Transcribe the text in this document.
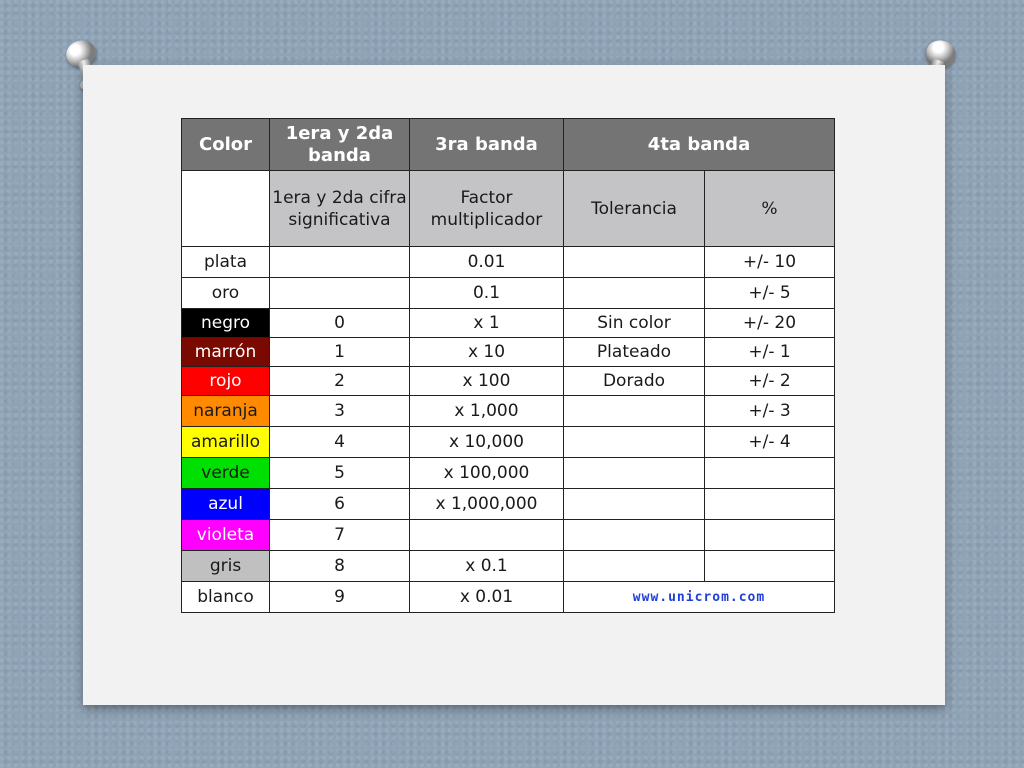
Color	1era y 2da banda	3ra banda	4ta banda	
	1era y 2da cifra significativa	Factor multiplicador	Tolerancia	%
plata		0.01		+/- 10
oro		0.1		+/- 5
negro	0	x 1	Sin color	+/- 20
marrón	1	x 10	Plateado	+/- 1
rojo	2	x 100	Dorado	+/- 2
naranja	3	x 1,000		+/- 3
amarillo	4	x 10,000		+/- 4
verde	5	x 100,000		
azul	6	x 1,000,000		
violeta	7			
gris	8	x 0.1		
blanco	9	x 0.01	www.unicrom.com	
